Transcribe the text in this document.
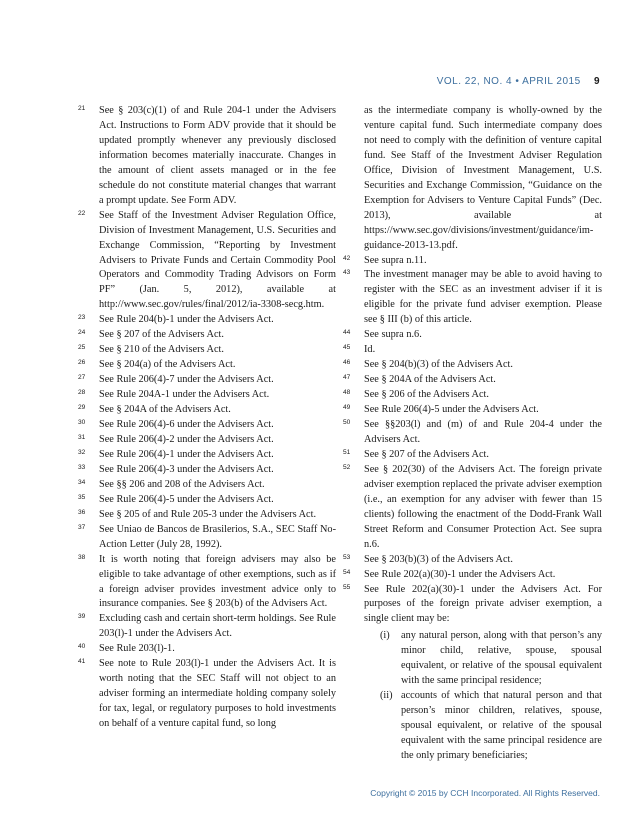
VOL. 22, NO. 4 • APRIL 2015 9
21 See § 203(c)(1) of and Rule 204-1 under the Advisers Act. Instructions to Form ADV provide that it should be updated promptly whenever any previously disclosed information becomes materially inaccurate. Changes in the amount of client assets managed or in the fee schedule do not constitute material changes that warrant a prompt update. See Form ADV.
22 See Staff of the Investment Adviser Regulation Office, Division of Investment Management, U.S. Securities and Exchange Commission, “Reporting by Investment Advisers to Private Funds and Certain Commodity Pool Operators and Commodity Trading Advisors on Form PF” (Jan. 5, 2012), available at http://www.sec.gov/rules/final/2012/ia-3308-secg.htm.
23 See Rule 204(b)-1 under the Advisers Act.
24 See § 207 of the Advisers Act.
25 See § 210 of the Advisers Act.
26 See § 204(a) of the Advisers Act.
27 See Rule 206(4)-7 under the Advisers Act.
28 See Rule 204A-1 under the Advisers Act.
29 See § 204A of the Advisers Act.
30 See Rule 206(4)-6 under the Advisers Act.
31 See Rule 206(4)-2 under the Advisers Act.
32 See Rule 206(4)-1 under the Advisers Act.
33 See Rule 206(4)-3 under the Advisers Act.
34 See §§ 206 and 208 of the Advisers Act.
35 See Rule 206(4)-5 under the Advisers Act.
36 See § 205 of and Rule 205-3 under the Advisers Act.
37 See Uniao de Bancos de Brasilerios, S.A., SEC Staff No-Action Letter (July 28, 1992).
38 It is worth noting that foreign advisers may also be eligible to take advantage of other exemptions, such as if a foreign adviser provides investment advice only to insurance companies. See § 203(b) of the Advisers Act.
39 Excluding cash and certain short-term holdings. See Rule 203(l)-1 under the Advisers Act.
40 See Rule 203(l)-1.
41 See note to Rule 203(l)-1 under the Advisers Act. It is worth noting that the SEC Staff will not object to an adviser forming an intermediate holding company solely for tax, legal, or regulatory purposes to hold investments on behalf of a venture capital fund, so long
as the intermediate company is wholly-owned by the venture capital fund. Such intermediate company does not need to comply with the definition of venture capital fund. See Staff of the Investment Adviser Regulation Office, Division of Investment Management, U.S. Securities and Exchange Commission, “Guidance on the Exemption for Advisers to Venture Capital Funds” (Dec. 2013), available at https://www.sec.gov/divisions/investment/guidance/im-guidance-2013-13.pdf.
42 See supra n.11.
43 The investment manager may be able to avoid having to register with the SEC as an investment adviser if it is eligible for the private fund adviser exemption. Please see § III (b) of this article.
44 See supra n.6.
45 Id.
46 See § 204(b)(3) of the Advisers Act.
47 See § 204A of the Advisers Act.
48 See § 206 of the Advisers Act.
49 See Rule 206(4)-5 under the Advisers Act.
50 See §§203(l) and (m) of and Rule 204-4 under the Advisers Act.
51 See § 207 of the Advisers Act.
52 See § 202(30) of the Advisers Act. The foreign private adviser exemption replaced the private adviser exemption (i.e., an exemption for any adviser with fewer than 15 clients) following the enactment of the Dodd-Frank Wall Street Reform and Consumer Protection Act. See supra n.6.
53 See § 203(b)(3) of the Advisers Act.
54 See Rule 202(a)(30)-1 under the Advisers Act.
55 See Rule 202(a)(30)-1 under the Advisers Act. For purposes of the foreign private adviser exemption, a single client may be:
(i) any natural person, along with that person’s any minor child, relative, spouse, spousal equivalent, or relative of the spousal equivalent with the same principal residence;
(ii) accounts of which that natural person and that person’s minor children, relatives, spouse, spousal equivalent, or relative of the spousal equivalent with the same principal residence are the only primary beneficiaries;
Copyright © 2015 by CCH Incorporated. All Rights Reserved.
